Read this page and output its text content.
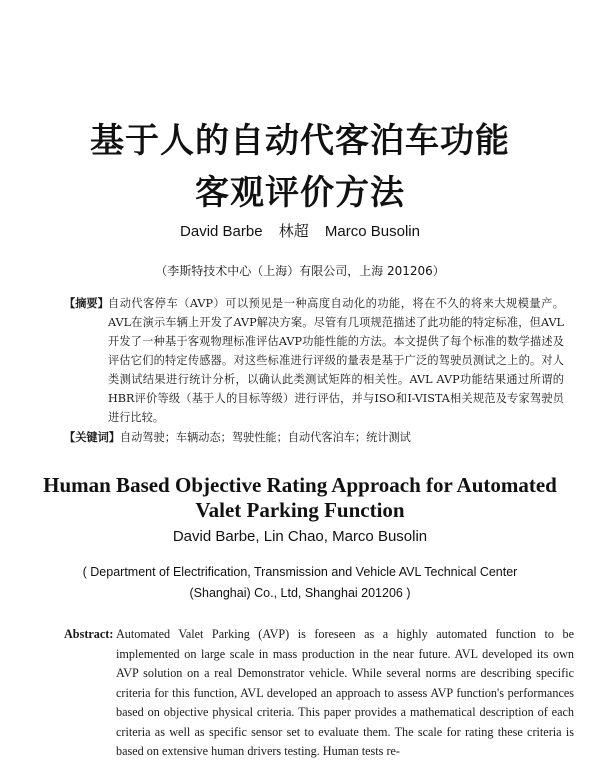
基于人的自动代客泊车功能
客观评价方法
David Barbe 林超 Marco Busolin
（李斯特技术中心（上海）有限公司，上海 201206）
【摘要】 自动代客停车（AVP）可以预见是一种高度自动化的功能，将在不久的将来大规模量产。AVL在演示车辆上开发了AVP解决方案。尽管有几项规范描述了此功能的特定标准，但AVL开发了一种基于客观物理标准评估AVP功能性能的方法。本文提供了每个标准的数学描述及评估它们的特定传感器。对这些标准进行评级的量表是基于广泛的驾驶员测试之上的。对人类测试结果进行统计分析，以确认此类测试矩阵的相关性。AVL AVP功能结果通过所谓的HBR评价等级（基于人的目标等级）进行评估，并与ISO和I-VISTA相关规范及专家驾驶员进行比较。
【关键词】自动驾驶；车辆动态；驾驶性能；自动代客泊车；统计测试
Human Based Objective Rating Approach for Automated Valet Parking Function
David Barbe, Lin Chao, Marco Busolin
( Department of Electrification, Transmission and Vehicle AVL Technical Center (Shanghai) Co., Ltd, Shanghai 201206 )
Abstract: Automated Valet Parking (AVP) is foreseen as a highly automated function to be implemented on large scale in mass production in the near future. AVL developed its own AVP solution on a real Demonstrator vehicle. While several norms are describing specific criteria for this function, AVL developed an approach to assess AVP function's performances based on objective physical criteria. This paper provides a mathematical description of each criteria as well as specific sensor set to evaluate them. The scale for rating these criteria is based on extensive human drivers testing. Human tests re-
